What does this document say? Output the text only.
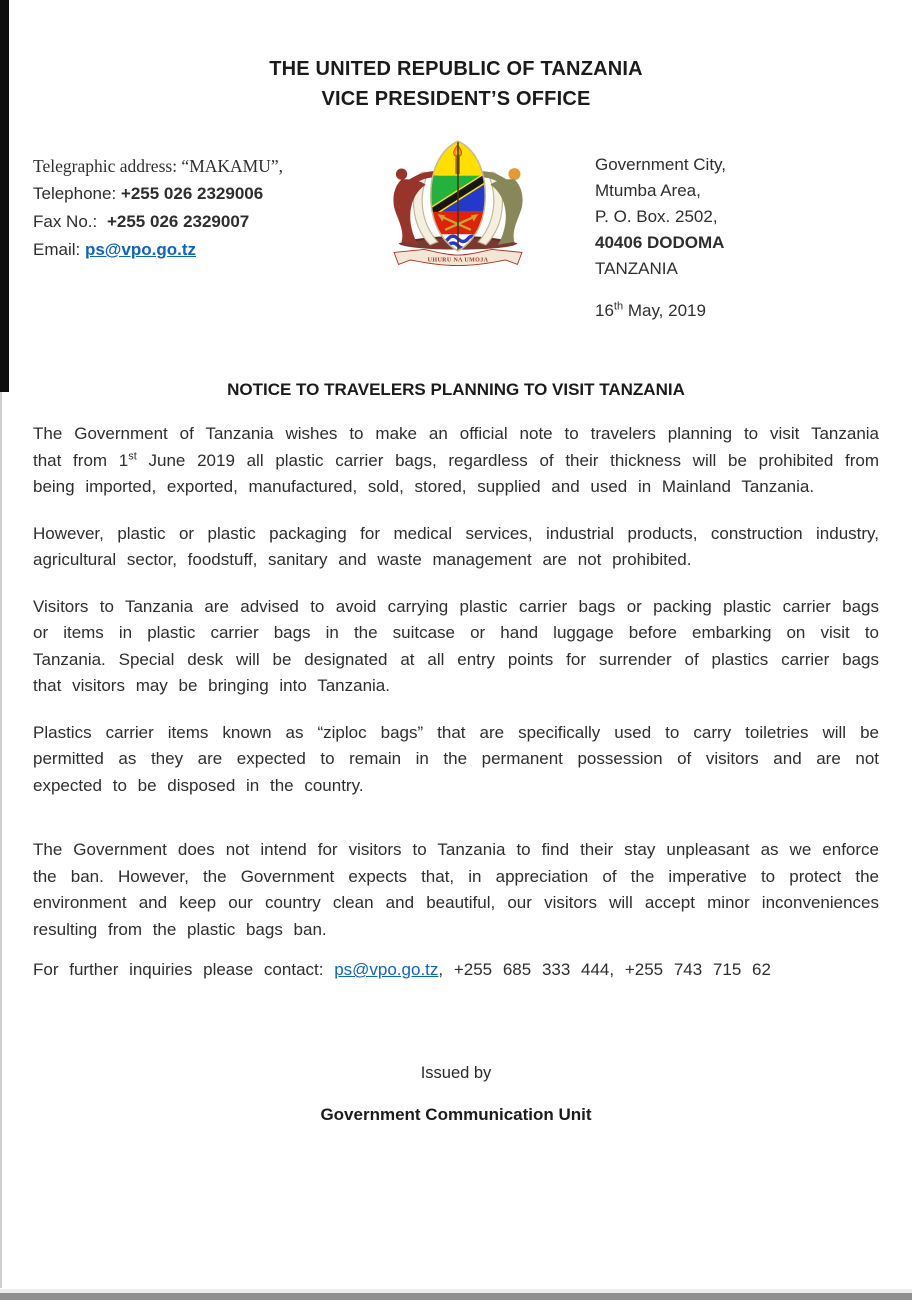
THE UNITED REPUBLIC OF TANZANIA
VICE PRESIDENT’S OFFICE
Telegraphic address: “MAKAMU”,
Telephone: +255 026 2329006
Fax No.: +255 026 2329007
Email: ps@vpo.go.tz
UHURU NA UMOJA
Government City,
Mtumba Area,
P. O. Box. 2502,
40406 DODOMA
TANZANIA
16th May, 2019
NOTICE TO TRAVELERS PLANNING TO VISIT TANZANIA

The Government of Tanzania wishes to make an official note to travelers planning to visit Tanzania that from 1st June 2019 all plastic carrier bags, regardless of their thickness will be prohibited from being imported, exported, manufactured, sold, stored, supplied and used in Mainland Tanzania.

However, plastic or plastic packaging for medical services, industrial products, construction industry, agricultural sector, foodstuff, sanitary and waste management are not prohibited.

Visitors to Tanzania are advised to avoid carrying plastic carrier bags or packing plastic carrier bags or items in plastic carrier bags in the suitcase or hand luggage before embarking on visit to Tanzania. Special desk will be designated at all entry points for surrender of plastics carrier bags that visitors may be bringing into Tanzania.

Plastics carrier items known as “ziploc bags” that are specifically used to carry toiletries will be permitted as they are expected to remain in the permanent possession of visitors and are not expected to be disposed in the country.

The Government does not intend for visitors to Tanzania to find their stay unpleasant as we enforce the ban. However, the Government expects that, in appreciation of the imperative to protect the environment and keep our country clean and beautiful, our visitors will accept minor inconveniences resulting from the plastic bags ban.

For further inquiries please contact: ps@vpo.go.tz, +255 685 333 444, +255 743 715 62

Issued by
Government Communication Unit
